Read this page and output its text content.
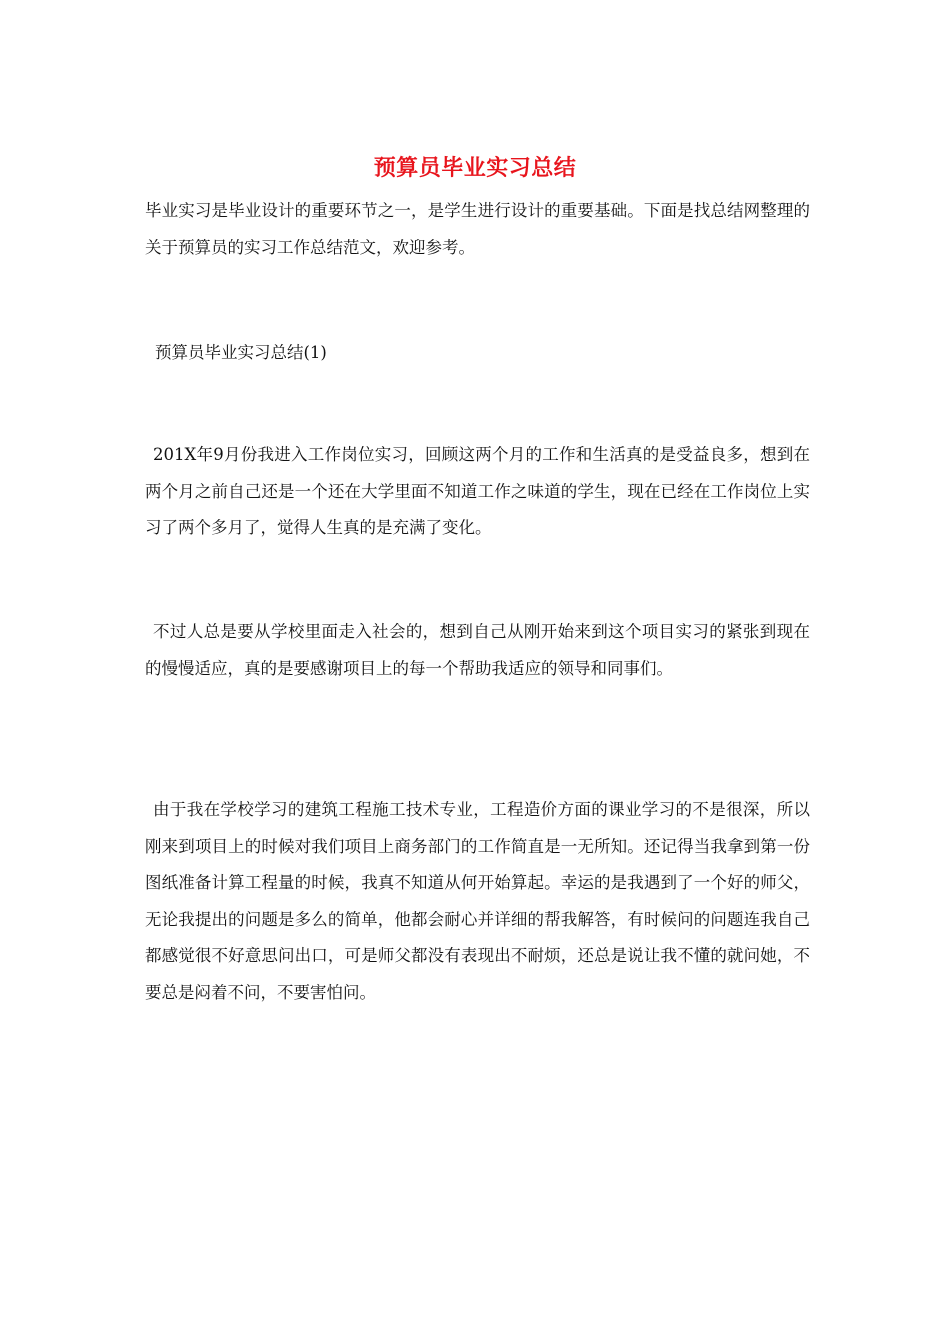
预算员毕业实习总结

毕业实习是毕业设计的重要环节之一，是学生进行设计的重要基础。下面是找总结网整理的关于预算员的实习工作总结范文，欢迎参考。

预算员毕业实习总结(1)

201X年9月份我进入工作岗位实习，回顾这两个月的工作和生活真的是受益良多，想到在两个月之前自己还是一个还在大学里面不知道工作之味道的学生，现在已经在工作岗位上实习了两个多月了，觉得人生真的是充满了变化。

不过人总是要从学校里面走入社会的，想到自己从刚开始来到这个项目实习的紧张到现在的慢慢适应，真的是要感谢项目上的每一个帮助我适应的领导和同事们。

由于我在学校学习的建筑工程施工技术专业，工程造价方面的课业学习的不是很深，所以刚来到项目上的时候对我们项目上商务部门的工作简直是一无所知。还记得当我拿到第一份图纸准备计算工程量的时候，我真不知道从何开始算起。幸运的是我遇到了一个好的师父，无论我提出的问题是多么的简单，他都会耐心并详细的帮我解答，有时候问的问题连我自己都感觉很不好意思问出口，可是师父都没有表现出不耐烦，还总是说让我不懂的就问她，不要总是闷着不问，不要害怕问。
